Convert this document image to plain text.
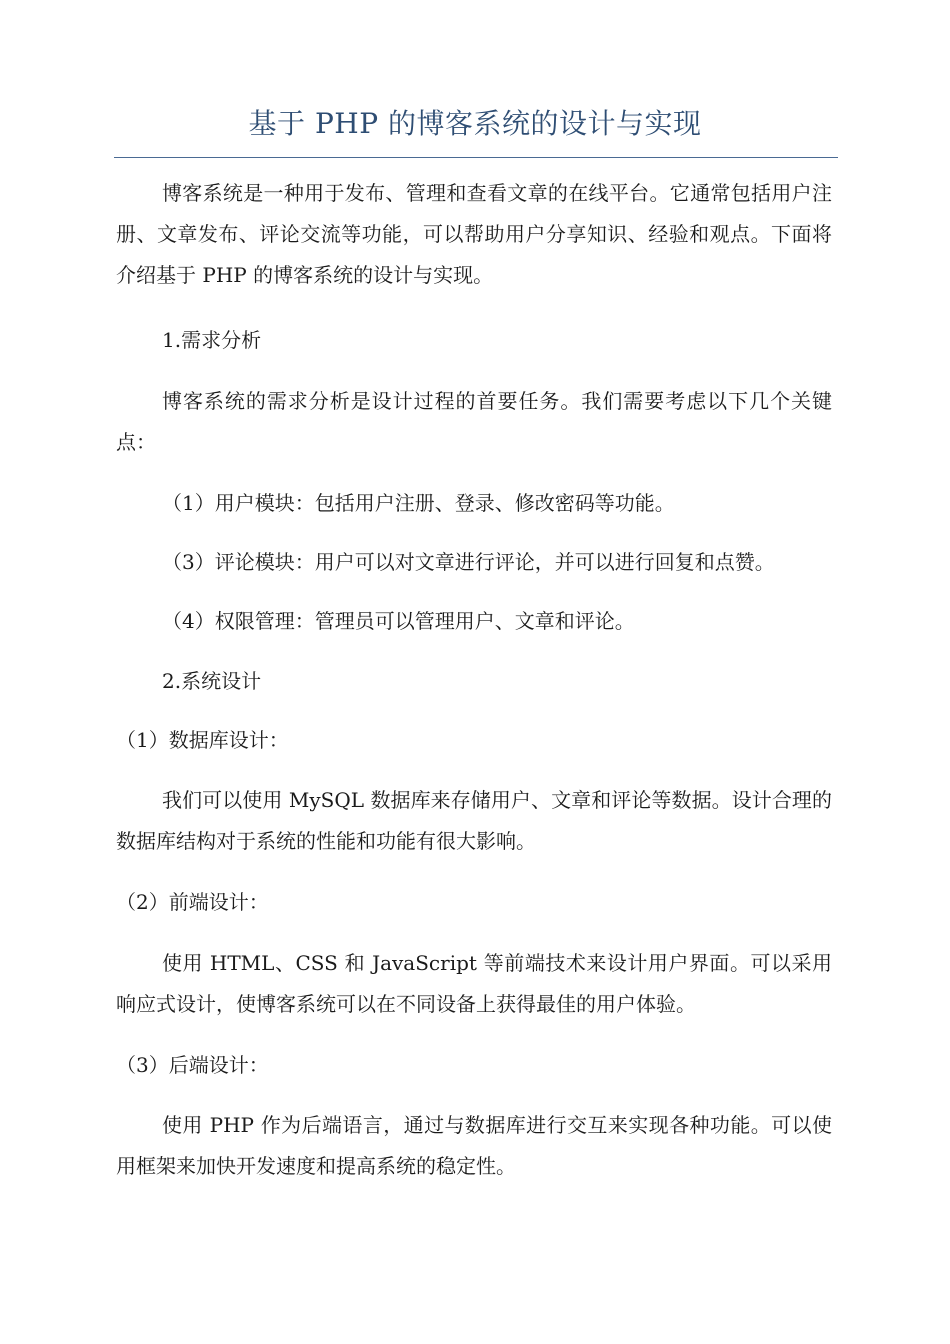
基于 PHP 的博客系统的设计与实现

博客系统是一种用于发布、管理和查看文章的在线平台。它通常包括用户注册、文章发布、评论交流等功能，可以帮助用户分享知识、经验和观点。下面将介绍基于 PHP 的博客系统的设计与实现。

1.需求分析

博客系统的需求分析是设计过程的首要任务。我们需要考虑以下几个关键点：

（1）用户模块：包括用户注册、登录、修改密码等功能。

（3）评论模块：用户可以对文章进行评论，并可以进行回复和点赞。

（4）权限管理：管理员可以管理用户、文章和评论。

2.系统设计

（1）数据库设计：

我们可以使用 MySQL 数据库来存储用户、文章和评论等数据。设计合理的数据库结构对于系统的性能和功能有很大影响。

（2）前端设计：

使用 HTML、CSS 和 JavaScript 等前端技术来设计用户界面。可以采用响应式设计，使博客系统可以在不同设备上获得最佳的用户体验。

（3）后端设计：

使用 PHP 作为后端语言，通过与数据库进行交互来实现各种功能。可以使用框架来加快开发速度和提高系统的稳定性。
